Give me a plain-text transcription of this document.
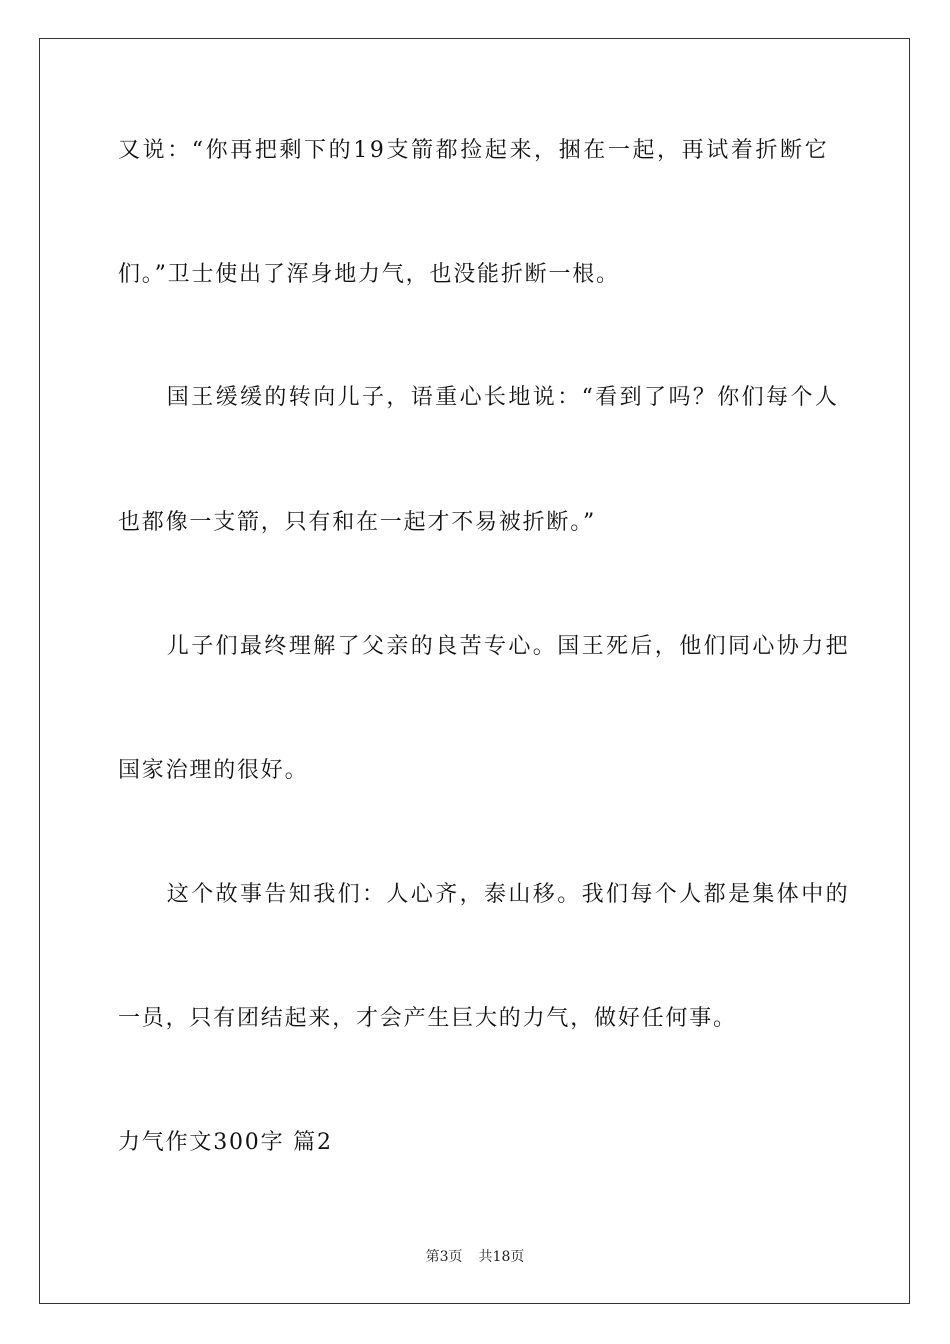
又说：“你再把剩下的19支箭都捡起来，捆在一起，再试着折断它
们。”卫士使出了浑身地力气，也没能折断一根。
　　国王缓缓的转向儿子，语重心长地说：“看到了吗？你们每个人
也都像一支箭，只有和在一起才不易被折断。”
　　儿子们最终理解了父亲的良苦专心。国王死后，他们同心协力把
国家治理的很好。
　　这个故事告知我们：人心齐，泰山移。我们每个人都是集体中的
一员，只有团结起来，才会产生巨大的力气，做好任何事。
力气作文300字 篇2
第3页 共18页
